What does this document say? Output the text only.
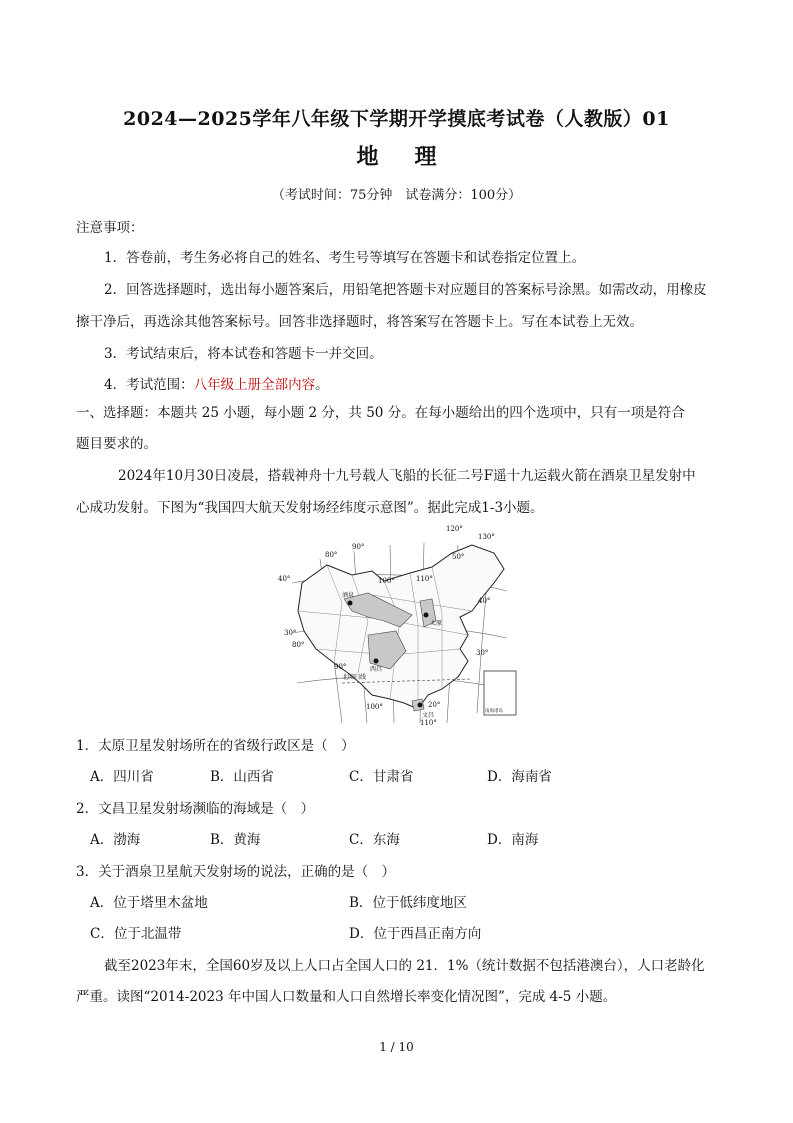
2024—2025学年八年级下学期开学摸底考试卷（人教版）01
地理
（考试时间：75分钟　试卷满分：100分）
注意事项：
1．答卷前，考生务必将自己的姓名、考生号等填写在答题卡和试卷指定位置上。
2．回答选择题时，选出每小题答案后，用铅笔把答题卡对应题目的答案标号涂黑。如需改动，用橡皮
擦干净后，再选涂其他答案标号。回答非选择题时，将答案写在答题卡上。写在本试卷上无效。
3．考试结束后，将本试卷和答题卡一并交回。
4．考试范围：八年级上册全部内容。
一、选择题：本题共 25 小题，每小题 2 分，共 50 分。在每小题给出的四个选项中，只有一项是符合
题目要求的。
2024年10月30日凌晨，搭载神舟十九号载人飞船的长征二号F遥十九运载火箭在酒泉卫星发射中
心成功发射。下图为“我国四大航天发射场经纬度示意图”。据此完成1-3小题。
80°
90°
100°	110°
120°
130°
90°
100°
110°
40°
50°
40°
30°
20°
30°
80°
酒泉
太原
西昌
文昌
北回归线
南海诸岛
1．太原卫星发射场所在的省级行政区是（　）
A．四川省	B．山西省	C．甘肃省	D．海南省
2．文昌卫星发射场濒临的海域是（　）
A．渤海	B．黄海	C．东海	D．南海
3．关于酒泉卫星航天发射场的说法，正确的是（　）
A．位于塔里木盆地	B．位于低纬度地区
C．位于北温带	D．位于西昌正南方向
截至2023年末，全国60岁及以上人口占全国人口的 21．1%（统计数据不包括港澳台），人口老龄化
严重。读图“2014-2023 年中国人口数量和人口自然增长率变化情况图”，完成 4-5 小题。
1 / 10
